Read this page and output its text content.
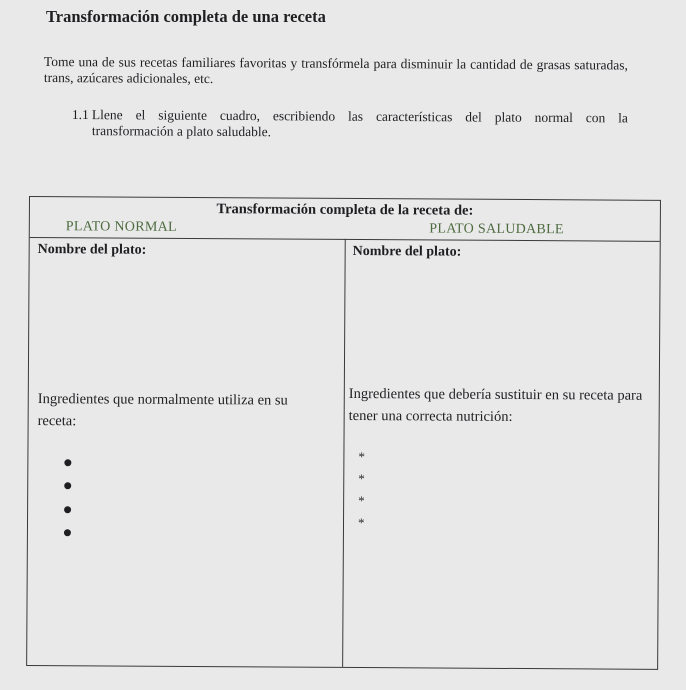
Transformación completa de una receta
Tome una de sus recetas familiares favoritas y transfórmela para disminuir la cantidad de grasas saturadas, trans, azúcares adicionales, etc.
1.1 Llene el siguiente cuadro, escribiendo las características del plato normal con la
transformación a plato saludable.
Transformación completa de la receta de:
PLATO NORMAL	PLATO SALUDABLE
Nombre del plato:	Nombre del plato:
Ingredientes que normalmente utiliza en su receta:
Ingredientes que debería sustituir en su receta para tener una correcta nutrición:
*
*
*
*
